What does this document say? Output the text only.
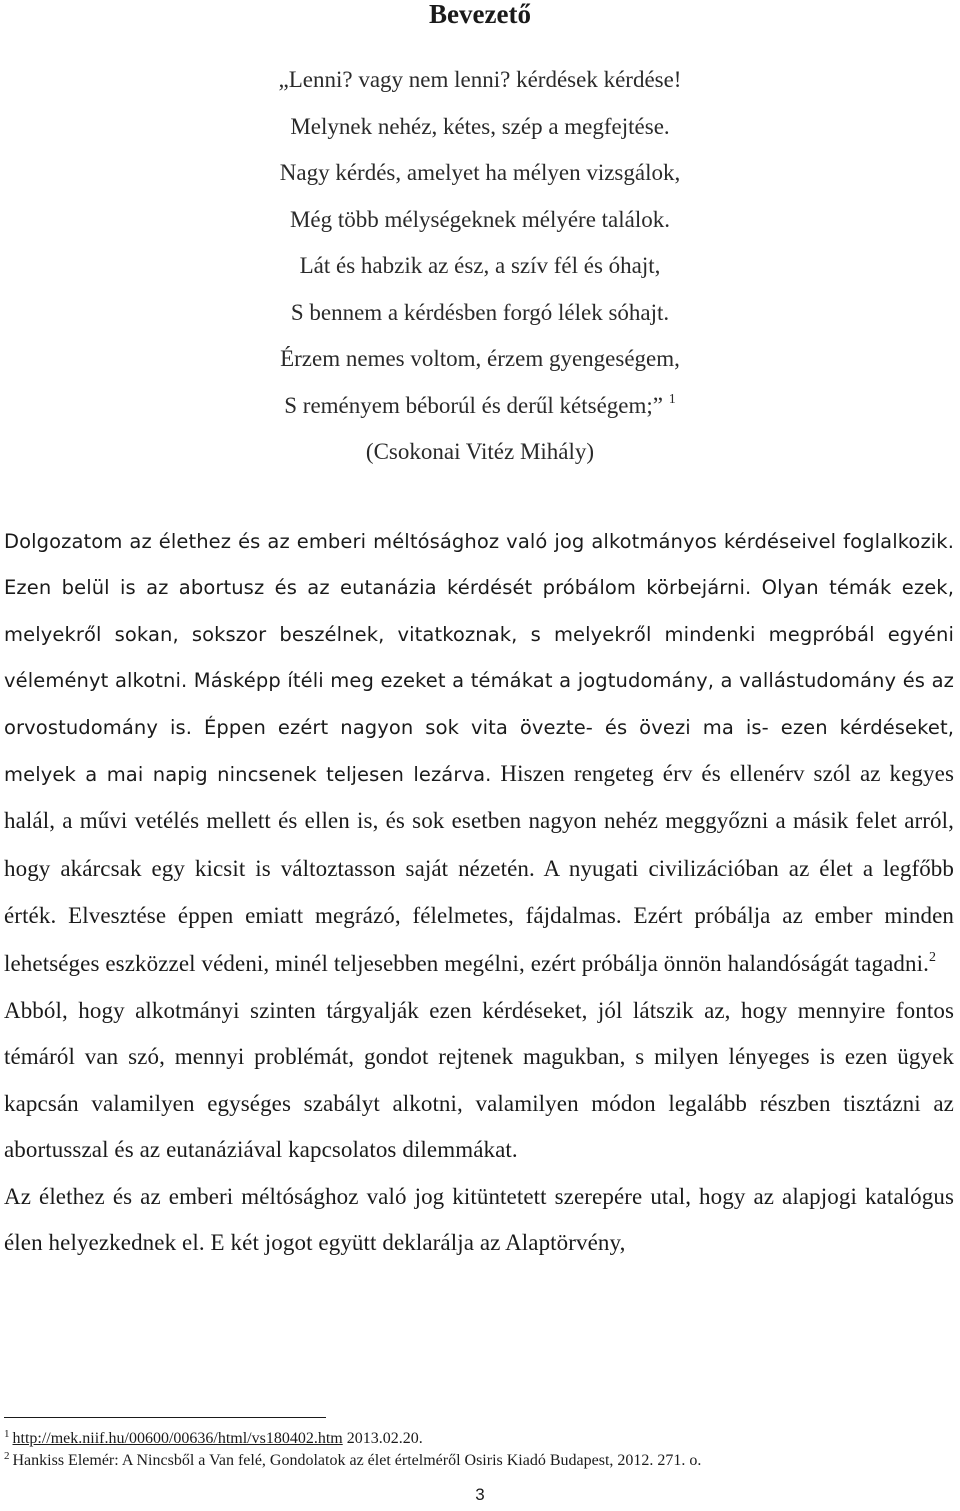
Bevezető
„Lenni? vagy nem lenni? kérdések kérdése!
Melynek nehéz, kétes, szép a megfejtése.
Nagy kérdés, amelyet ha mélyen vizsgálok,
Még több mélységeknek mélyére találok.
Lát és habzik az ész, a szív fél és óhajt,
S bennem a kérdésben forgó lélek sóhajt.
Érzem nemes voltom, érzem gyengeségem,
S reményem béborúl és derűl kétségem;” $^1$
(Csokonai Vitéz Mihály)

Dolgozatom az élethez és az emberi méltósághoz való jog alkotmányos kérdéseivel foglalkozik. Ezen belül is az abortusz és az eutanázia kérdését próbálom körbejárni. Olyan témák ezek, melyekről sokan, sokszor beszélnek, vitatkoznak, s melyekről mindenki megpróbál egyéni véleményt alkotni. Másképp ítéli meg ezeket a témákat a jogtudomány, a vallástudomány és az orvostudomány is. Éppen ezért nagyon sok vita övezte- és övezi ma is- ezen kérdéseket, melyek a mai napig nincsenek teljesen lezárva. Hiszen rengeteg érv és ellenérv szól az kegyes halál, a művi vetélés mellett és ellen is, és sok esetben nagyon nehéz meggyőzni a másik felet arról, hogy akárcsak egy kicsit is változtasson saját nézetén. A nyugati civilizációban az élet a legfőbb érték. Elvesztése éppen emiatt megrázó, félelmetes, fájdalmas. Ezért próbálja az ember minden lehetséges eszközzel védeni, minél teljesebben megélni, ezért próbálja önnön halandóságát tagadni.$^2$

Abból, hogy alkotmányi szinten tárgyalják ezen kérdéseket, jól látszik az, hogy mennyire fontos témáról van szó, mennyi problémát, gondot rejtenek magukban, s milyen lényeges is ezen ügyek kapcsán valamilyen egységes szabályt alkotni, valamilyen módon legalább részben tisztázni az abortusszal és az eutanáziával kapcsolatos dilemmákat.

Az élethez és az emberi méltósághoz való jog kitüntetett szerepére utal, hogy az alapjogi katalógus élen helyezkednek el. E két jogot együtt deklarálja az Alaptörvény,

$^1$ http://mek.niif.hu/00600/00636/html/vs180402.htm 2013.02.20.

$^2$ Hankiss Elemér: A Nincsből a Van felé, Gondolatok az élet értelméről Osiris Kiadó Budapest, 2012. 271. o.

3
